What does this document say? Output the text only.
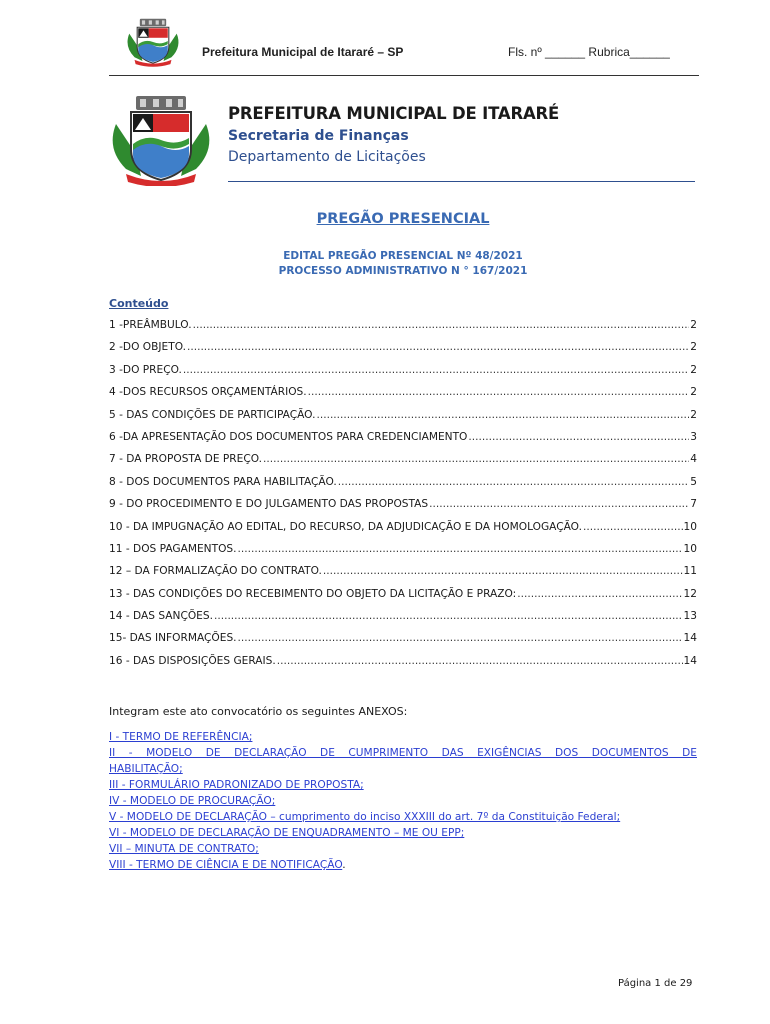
Prefeitura Municipal de Itararé – SP	Fls. nº ______ Rubrica______
PREFEITURA MUNICIPAL DE ITARARÉ
Secretaria de Finanças
Departamento de Licitações
PREGÃO PRESENCIAL
EDITAL PREGÃO PRESENCIAL Nº 48/2021
PROCESSO ADMINISTRATIVO N ° 167/2021
Conteúdo
1 -PREÂMBULO. .....	2
2 -DO OBJETO. .....	2
3 -DO PREÇO. .....	2
4 -DOS RECURSOS ORÇAMENTÁRIOS. .....	2
5 - DAS CONDIÇÕES DE PARTICIPAÇÃO. .....	2
6 -DA APRESENTAÇÃO DOS DOCUMENTOS PARA CREDENCIAMENTO .....	3
7 - DA PROPOSTA DE PREÇO. .....	4
8 - DOS DOCUMENTOS PARA HABILITAÇÃO. .....	5
9 - DO PROCEDIMENTO E DO JULGAMENTO DAS PROPOSTAS .....	7
10 - DA IMPUGNAÇÃO AO EDITAL, DO RECURSO, DA ADJUDICAÇÃO E DA HOMOLOGAÇÃO. .....	10
11 - DOS PAGAMENTOS. .....	10
12 – DA FORMALIZAÇÃO DO CONTRATO. .....	11
13 - DAS CONDIÇÕES DO RECEBIMENTO DO OBJETO DA LICITAÇÃO E PRAZO: .....	12
14 - DAS SANÇÕES. .....	13
15- DAS INFORMAÇÕES. .....	14
16 - DAS DISPOSIÇÕES GERAIS. .....	14
Integram este ato convocatório os seguintes ANEXOS:
I - TERMO DE REFERÊNCIA;
II - MODELO DE DECLARAÇÃO DE CUMPRIMENTO DAS EXIGÊNCIAS DOS DOCUMENTOS DE
HABILITAÇÃO;
III - FORMULÁRIO PADRONIZADO DE PROPOSTA;
IV - MODELO DE PROCURAÇÃO;
V - MODELO DE DECLARAÇÃO – cumprimento do inciso XXXIII do art. 7º da Constituição Federal;
VI - MODELO DE DECLARAÇÃO DE ENQUADRAMENTO – ME OU EPP;
VII – MINUTA DE CONTRATO;
VIII - TERMO DE CIÊNCIA E DE NOTIFICAÇÃO.
Página 1 de 29
